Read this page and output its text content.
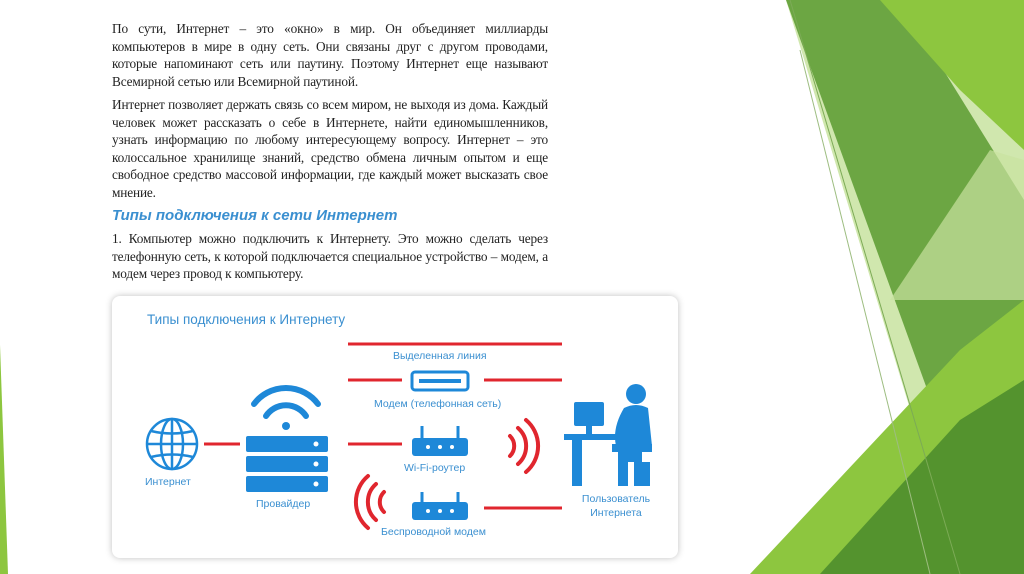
По сути, Интернет – это «окно» в мир. Он объединяет миллиарды компьютеров в мире в одну сеть. Они связаны друг с другом проводами, которые напоминают сеть или паутину. Поэтому Интернет еще называют Всемирной сетью или Всемирной паутиной.

Интернет позволяет держать связь со всем миром, не выходя из дома. Каждый человек может рассказать о себе в Интернете, найти единомышленников, узнать информацию по любому интересующему вопросу. Интернет – это колоссальное хранилище знаний, средство обмена личным опытом и еще свободное средство массовой информации, где каждый может высказать свое мнение.

Типы подключения к сети Интернет

1. Компьютер можно подключить к Интернету. Это можно сделать через телефонную сеть, к которой подключается специальное устройство – модем, а модем через провод к компьютеру.

Типы подключения к Интернету
Выделенная линия
Модем (телефонная сеть)
Wi-Fi-роутер
Беспроводной модем
Интернет
Провайдер	Пользователь Интернета
